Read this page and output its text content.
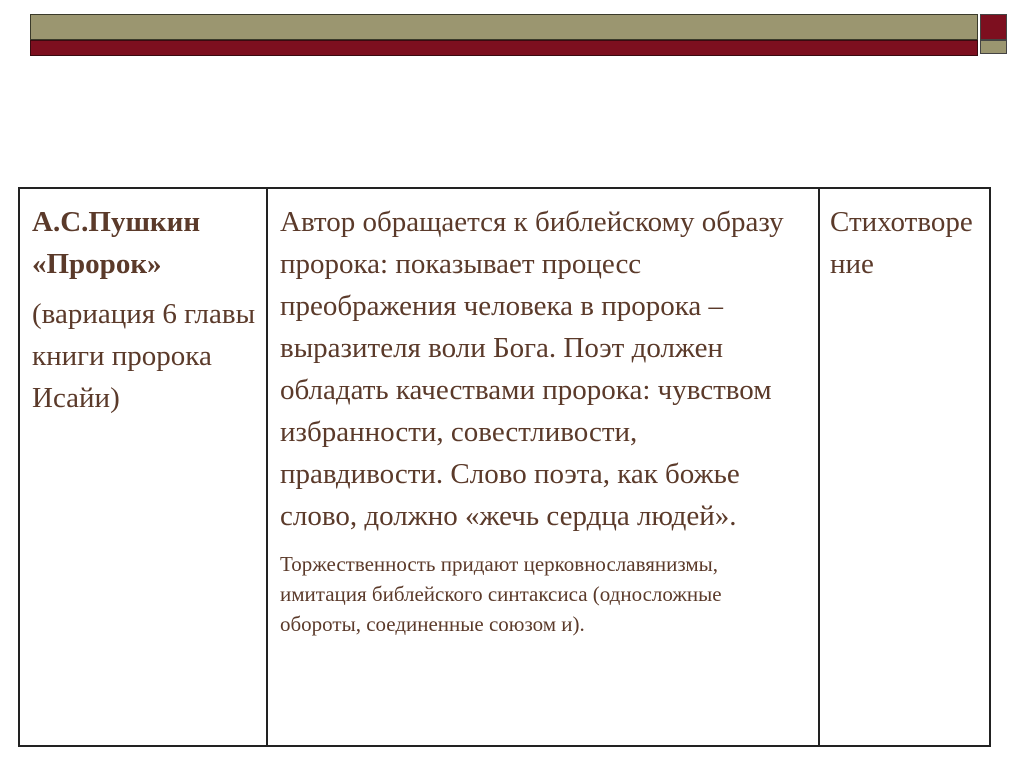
А.С.Пушкин
«Пророк»
(вариация 6 главы книги пророка Исайи)
Автор обращается к библейскому образу пророка: показывает процесс преображения человека в пророка – выразителя воли Бога. Поэт должен обладать качествами пророка: чувством избранности, совестливости, правдивости. Слово поэта, как божье слово, должно «жечь сердца людей».
Торжественность придают церковнославянизмы, имитация библейского синтаксиса (односложные обороты, соединенные союзом и).
Стихотворение
